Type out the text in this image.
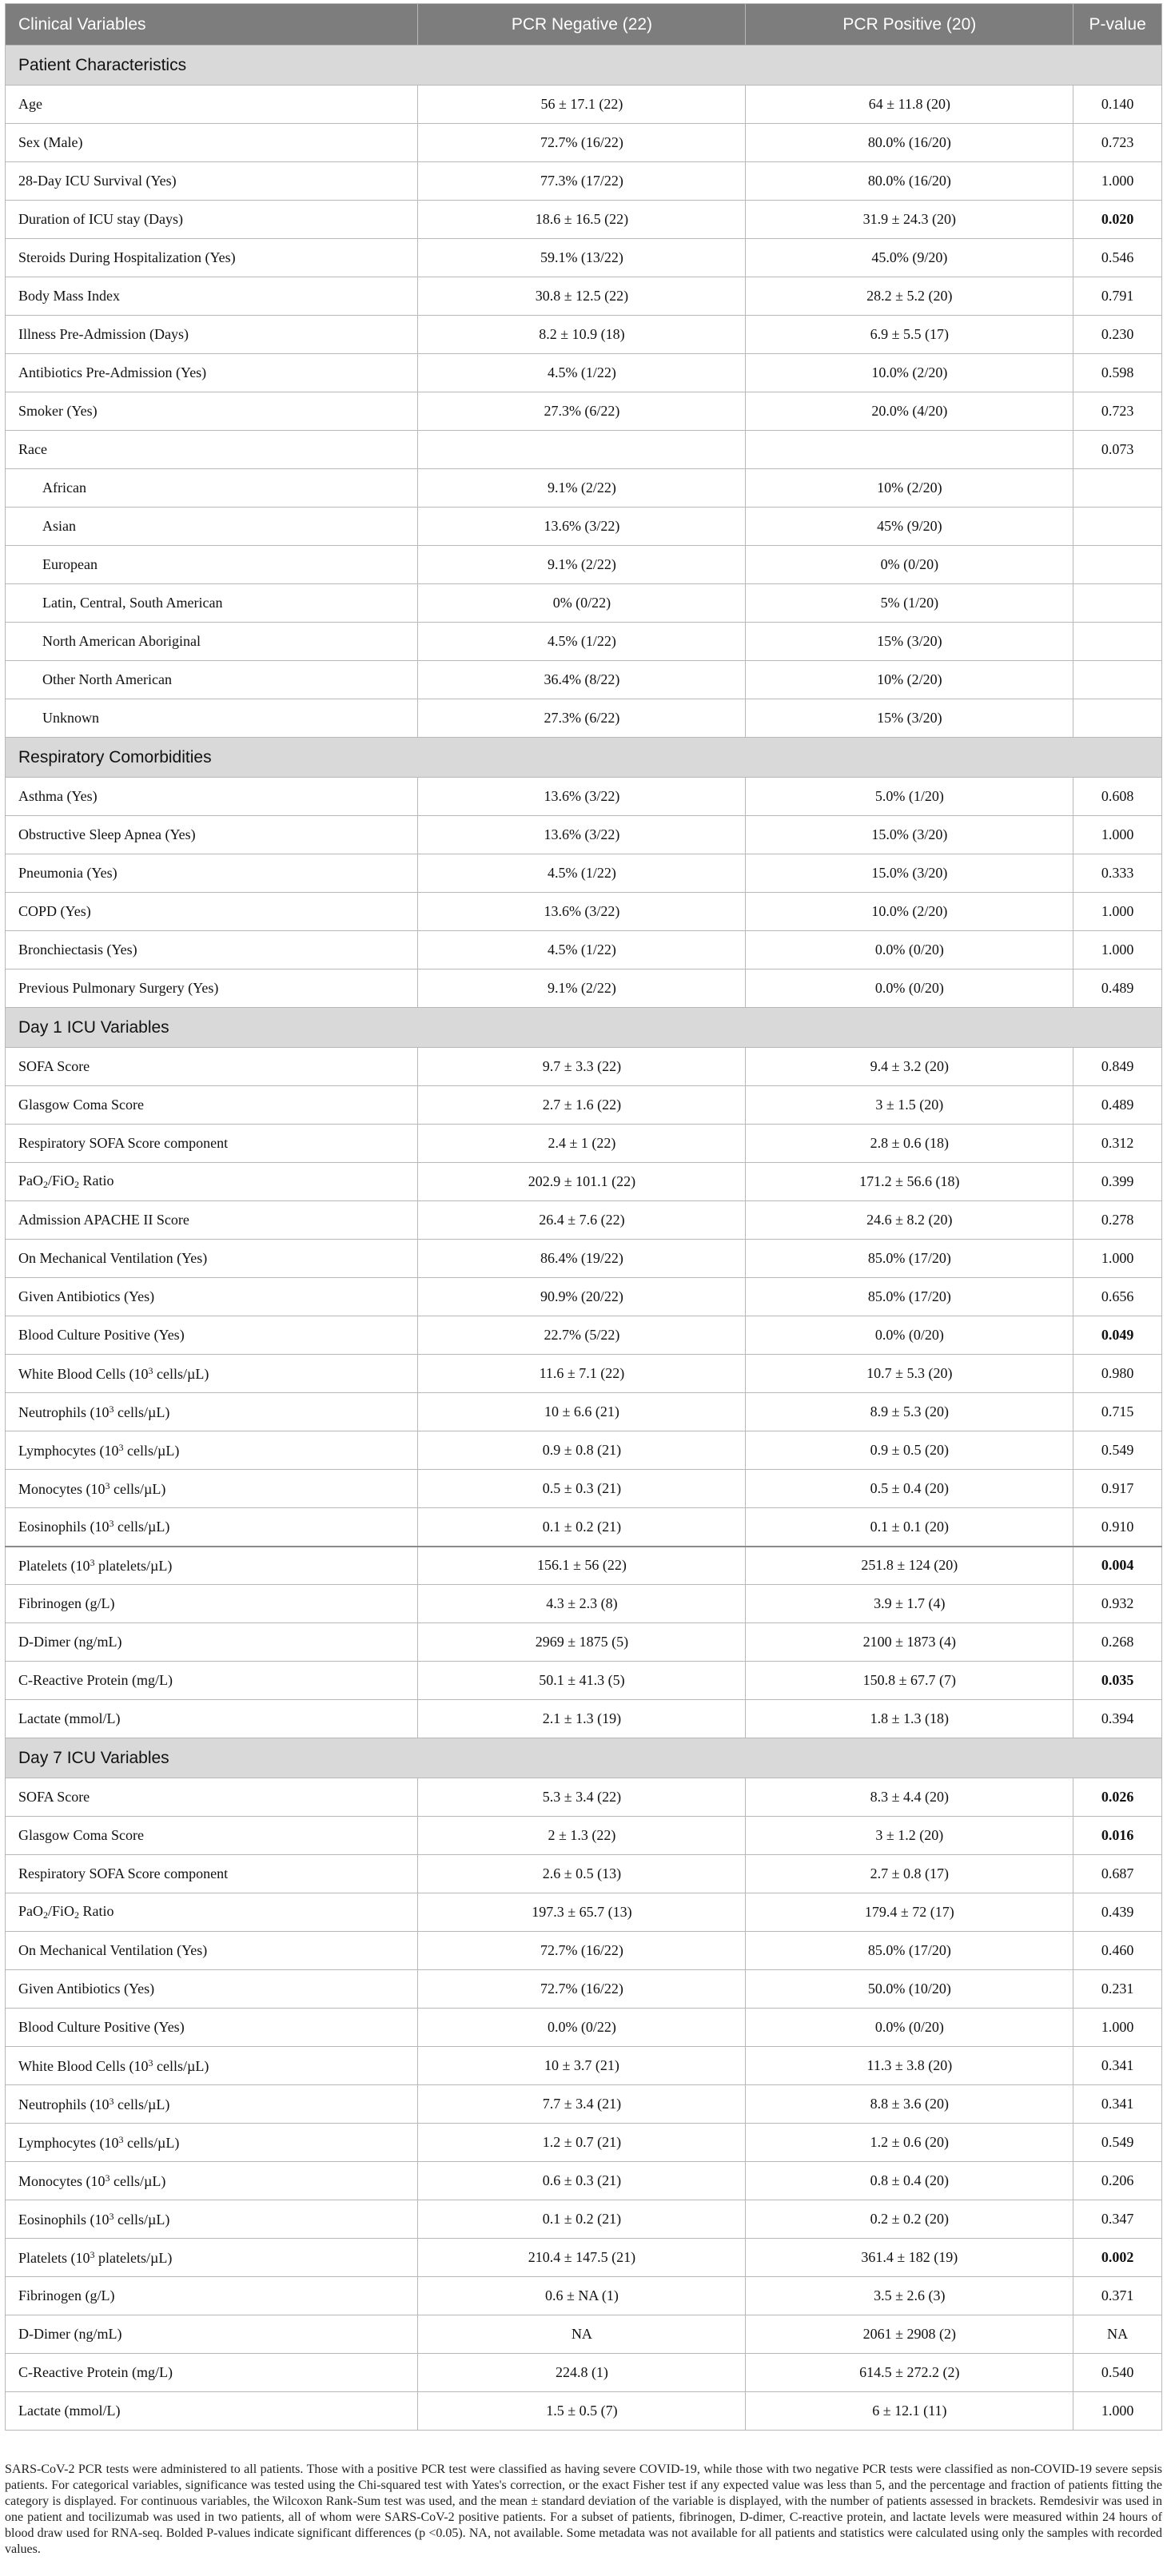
Clinical Variables	PCR Negative (22)	PCR Positive (20)	P-value
Patient Characteristics			
Age	56 ± 17.1 (22)	64 ± 11.8 (20)	0.140
Sex (Male)	72.7% (16/22)	80.0% (16/20)	0.723
28-Day ICU Survival (Yes)	77.3% (17/22)	80.0% (16/20)	1.000
Duration of ICU stay (Days)	18.6 ± 16.5 (22)	31.9 ± 24.3 (20)	0.020
Steroids During Hospitalization (Yes)	59.1% (13/22)	45.0% (9/20)	0.546
Body Mass Index	30.8 ± 12.5 (22)	28.2 ± 5.2 (20)	0.791
Illness Pre-Admission (Days)	8.2 ± 10.9 (18)	6.9 ± 5.5 (17)	0.230
Antibiotics Pre-Admission (Yes)	4.5% (1/22)	10.0% (2/20)	0.598
Smoker (Yes)	27.3% (6/22)	20.0% (4/20)	0.723
Race			0.073
African	9.1% (2/22)	10% (2/20)	
Asian	13.6% (3/22)	45% (9/20)	
European	9.1% (2/22)	0% (0/20)	
Latin, Central, South American	0% (0/22)	5% (1/20)	
North American Aboriginal	4.5% (1/22)	15% (3/20)	
Other North American	36.4% (8/22)	10% (2/20)	
Unknown	27.3% (6/22)	15% (3/20)	
Respiratory Comorbidities			
Asthma (Yes)	13.6% (3/22)	5.0% (1/20)	0.608
Obstructive Sleep Apnea (Yes)	13.6% (3/22)	15.0% (3/20)	1.000
Pneumonia (Yes)	4.5% (1/22)	15.0% (3/20)	0.333
COPD (Yes)	13.6% (3/22)	10.0% (2/20)	1.000
Bronchiectasis (Yes)	4.5% (1/22)	0.0% (0/20)	1.000
Previous Pulmonary Surgery (Yes)	9.1% (2/22)	0.0% (0/20)	0.489
Day 1 ICU Variables			
SOFA Score	9.7 ± 3.3 (22)	9.4 ± 3.2 (20)	0.849
Glasgow Coma Score	2.7 ± 1.6 (22)	3 ± 1.5 (20)	0.489
Respiratory SOFA Score component	2.4 ± 1 (22)	2.8 ± 0.6 (18)	0.312
PaO$_2$/FiO$_2$ Ratio	202.9 ± 101.1 (22)	171.2 ± 56.6 (18)	0.399
Admission APACHE II Score	26.4 ± 7.6 (22)	24.6 ± 8.2 (20)	0.278
On Mechanical Ventilation (Yes)	86.4% (19/22)	85.0% (17/20)	1.000
Given Antibiotics (Yes)	90.9% (20/22)	85.0% (17/20)	0.656
Blood Culture Positive (Yes)	22.7% (5/22)	0.0% (0/20)	0.049
White Blood Cells ($10^3$ cells/µL)	11.6 ± 7.1 (22)	10.7 ± 5.3 (20)	0.980
Neutrophils ($10^3$ cells/µL)	10 ± 6.6 (21)	8.9 ± 5.3 (20)	0.715
Lymphocytes ($10^3$ cells/µL)	0.9 ± 0.8 (21)	0.9 ± 0.5 (20)	0.549
Monocytes ($10^3$ cells/µL)	0.5 ± 0.3 (21)	0.5 ± 0.4 (20)	0.917
Eosinophils ($10^3$ cells/µL)	0.1 ± 0.2 (21)	0.1 ± 0.1 (20)	0.910
Platelets ($10^3$ platelets/µL)	156.1 ± 56 (22)	251.8 ± 124 (20)	0.004
Fibrinogen (g/L)	4.3 ± 2.3 (8)	3.9 ± 1.7 (4)	0.932
D-Dimer (ng/mL)	2969 ± 1875 (5)	2100 ± 1873 (4)	0.268
C-Reactive Protein (mg/L)	50.1 ± 41.3 (5)	150.8 ± 67.7 (7)	0.035
Lactate (mmol/L)	2.1 ± 1.3 (19)	1.8 ± 1.3 (18)	0.394
Day 7 ICU Variables			
SOFA Score	5.3 ± 3.4 (22)	8.3 ± 4.4 (20)	0.026
Glasgow Coma Score	2 ± 1.3 (22)	3 ± 1.2 (20)	0.016
Respiratory SOFA Score component	2.6 ± 0.5 (13)	2.7 ± 0.8 (17)	0.687
PaO$_2$/FiO$_2$ Ratio	197.3 ± 65.7 (13)	179.4 ± 72 (17)	0.439
On Mechanical Ventilation (Yes)	72.7% (16/22)	85.0% (17/20)	0.460
Given Antibiotics (Yes)	72.7% (16/22)	50.0% (10/20)	0.231
Blood Culture Positive (Yes)	0.0% (0/22)	0.0% (0/20)	1.000
White Blood Cells ($10^3$ cells/µL)	10 ± 3.7 (21)	11.3 ± 3.8 (20)	0.341
Neutrophils ($10^3$ cells/µL)	7.7 ± 3.4 (21)	8.8 ± 3.6 (20)	0.341
Lymphocytes ($10^3$ cells/µL)	1.2 ± 0.7 (21)	1.2 ± 0.6 (20)	0.549
Monocytes ($10^3$ cells/µL)	0.6 ± 0.3 (21)	0.8 ± 0.4 (20)	0.206
Eosinophils ($10^3$ cells/µL)	0.1 ± 0.2 (21)	0.2 ± 0.2 (20)	0.347
Platelets ($10^3$ platelets/µL)	210.4 ± 147.5 (21)	361.4 ± 182 (19)	0.002
Fibrinogen (g/L)	0.6 ± NA (1)	3.5 ± 2.6 (3)	0.371
D-Dimer (ng/mL)	NA	2061 ± 2908 (2)	NA
C-Reactive Protein (mg/L)	224.8 (1)	614.5 ± 272.2 (2)	0.540
Lactate (mmol/L)	1.5 ± 0.5 (7)	6 ± 12.1 (11)	1.000

SARS-CoV-2 PCR tests were administered to all patients. Those with a positive PCR test were classified as having severe COVID-19, while those with two negative PCR tests were classified as non-COVID-19 severe sepsis patients. For categorical variables, significance was tested using the Chi-squared test with Yates's correction, or the exact Fisher test if any expected value was less than 5, and the percentage and fraction of patients fitting the category is displayed. For continuous variables, the Wilcoxon Rank-Sum test was used, and the mean ± standard deviation of the variable is displayed, with the number of patients assessed in brackets. Remdesivir was used in one patient and tocilizumab was used in two patients, all of whom were SARS-CoV-2 positive patients. For a subset of patients, fibrinogen, D-dimer, C-reactive protein, and lactate levels were measured within 24 hours of blood draw used for RNA-seq. Bolded P-values indicate significant differences (p <0.05). NA, not available. Some metadata was not available for all patients and statistics were calculated using only the samples with recorded values.
